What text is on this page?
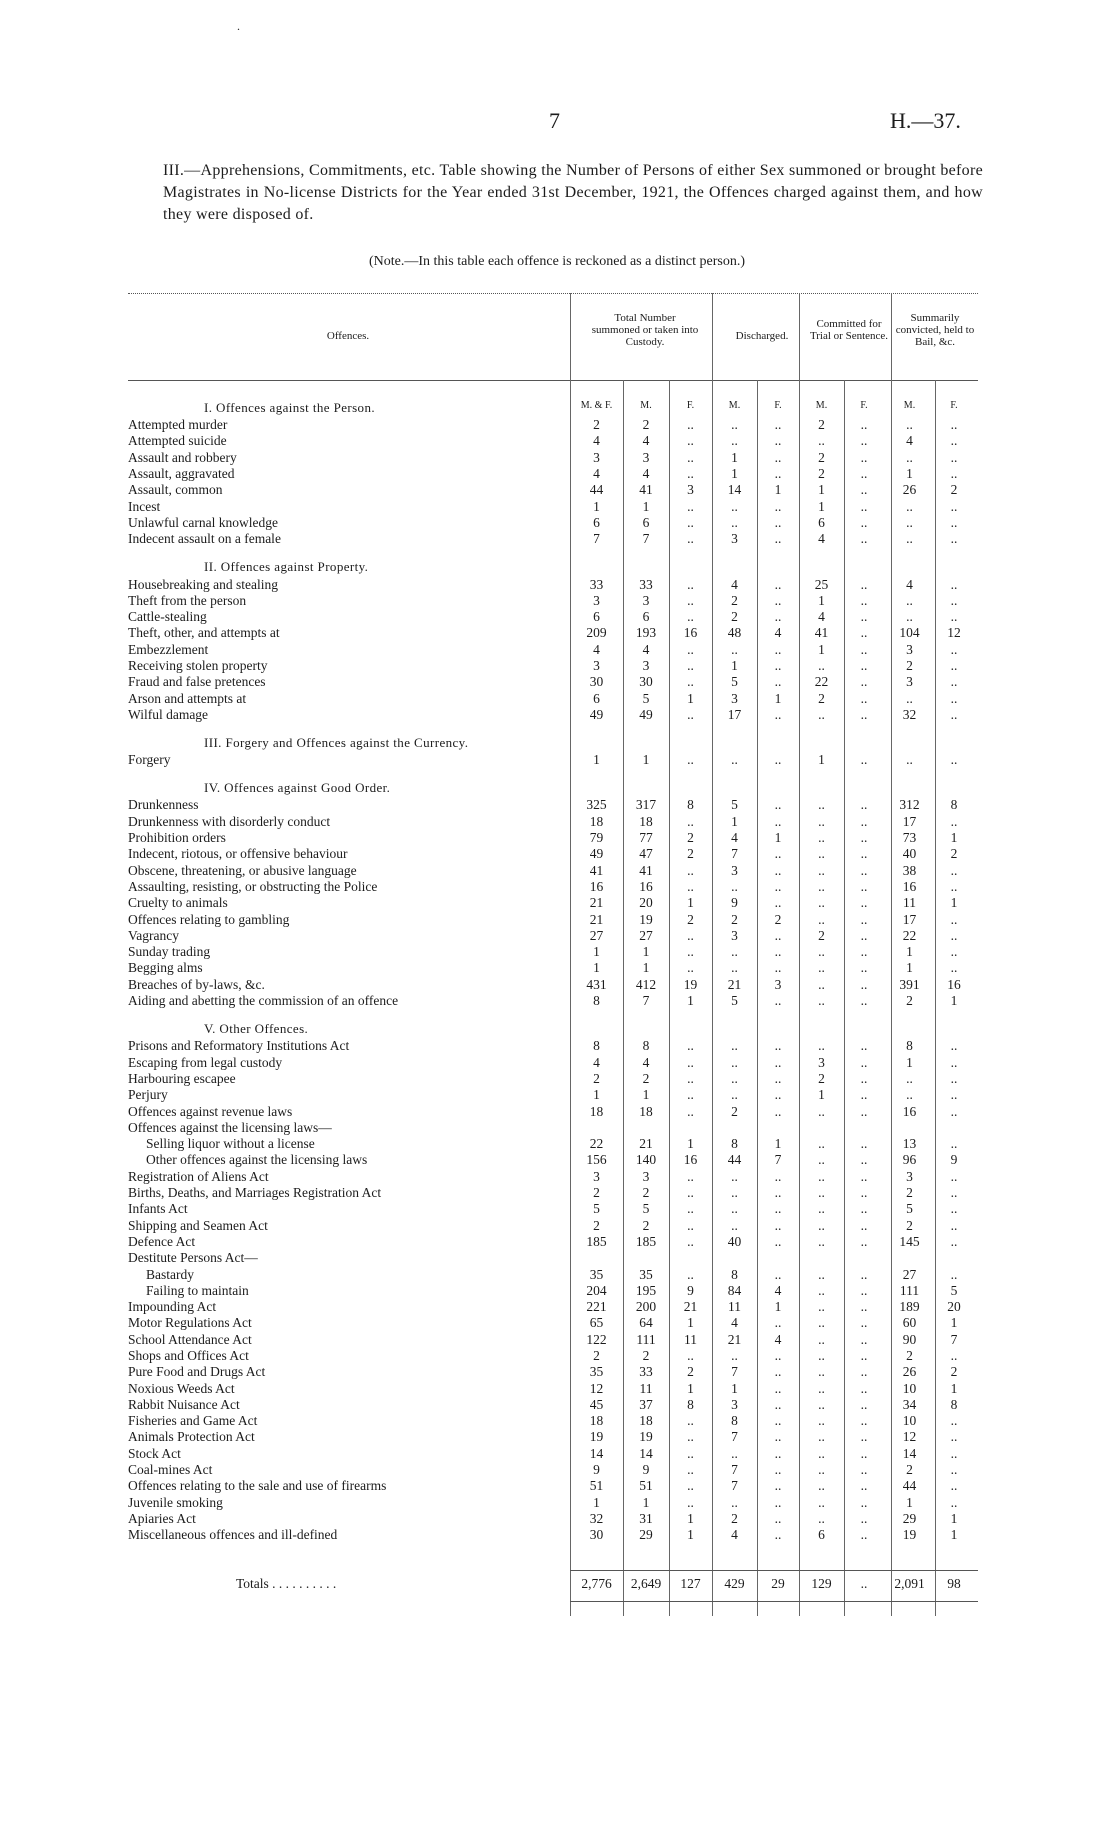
.
7	H.—37.
III.—Apprehensions, Commitments, etc. Table showing the Number of Persons of either Sex summoned or brought before Magistrates in No-license Districts for the Year ended 31st December, 1921, the Offences charged against them, and how they were disposed of.
(Note.—In this table each offence is reckoned as a distinct person.)
Offences.
Total Number summoned or taken into Custody.	Discharged.
Committed for Trial or Sentence.
Summarily convicted, held to Bail, &c.
M. & F.	M.	F.	M.	F.	M.	F.	M.	F.
I. Offences against the Person.									
Attempted murder	2	2	..	..	..	2	..	..	..
Attempted suicide	4	4	..	..	..	..	..	4	..
Assault and robbery	3	3	..	1	..	2	..	..	..
Assault, aggravated	4	4	..	1	..	2	..	1	..
Assault, common	44	41	3	14	1	1	..	26	2
Incest	1	1	..	..	..	1	..	..	..
Unlawful carnal knowledge	6	6	..	..	..	6	..	..	..
Indecent assault on a female	7	7	..	3	..	4	..	..	..

II. Offences against Property.									
Housebreaking and stealing	33	33	..	4	..	25	..	4	..
Theft from the person	3	3	..	2	..	1	..	..	..
Cattle-stealing	6	6	..	2	..	4	..	..	..
Theft, other, and attempts at	209	193	16	48	4	41	..	104	12
Embezzlement	4	4	..	..	..	1	..	3	..
Receiving stolen property	3	3	..	1	..	..	..	2	..
Fraud and false pretences	30	30	..	5	..	22	..	3	..
Arson and attempts at	6	5	1	3	1	2	..	..	..
Wilful damage	49	49	..	17	..	..	..	32	..

III. Forgery and Offences against the Currency.									
Forgery	1	1	..	..	..	1	..	..	..

IV. Offences against Good Order.									
Drunkenness	325	317	8	5	..	..	..	312	8
Drunkenness with disorderly conduct	18	18	..	1	..	..	..	17	..
Prohibition orders	79	77	2	4	1	..	..	73	1
Indecent, riotous, or offensive behaviour	49	47	2	7	..	..	..	40	2
Obscene, threatening, or abusive language	41	41	..	3	..	..	..	38	..
Assaulting, resisting, or obstructing the Police	16	16	..	..	..	..	..	16	..
Cruelty to animals	21	20	1	9	..	..	..	11	1
Offences relating to gambling	21	19	2	2	2	..	..	17	..
Vagrancy	27	27	..	3	..	2	..	22	..
Sunday trading	1	1	..	..	..	..	..	1	..
Begging alms	1	1	..	..	..	..	..	1	..
Breaches of by-laws, &c.	431	412	19	21	3	..	..	391	16
Aiding and abetting the commission of an offence	8	7	1	5	..	..	..	2	1

V. Other Offences.									
Prisons and Reformatory Institutions Act	8	8	..	..	..	..	..	8	..
Escaping from legal custody	4	4	..	..	..	3	..	1	..
Harbouring escapee	2	2	..	..	..	2	..	..	..
Perjury	1	1	..	..	..	1	..	..	..
Offences against revenue laws	18	18	..	2	..	..	..	16	..
Offences against the licensing laws—									
Selling liquor without a license	22	21	1	8	1	..	..	13	..
Other offences against the licensing laws	156	140	16	44	7	..	..	96	9
Registration of Aliens Act	3	3	..	..	..	..	..	3	..
Births, Deaths, and Marriages Registration Act	2	2	..	..	..	..	..	2	..
Infants Act	5	5	..	..	..	..	..	5	..
Shipping and Seamen Act	2	2	..	..	..	..	..	2	..
Defence Act	185	185	..	40	..	..	..	145	..
Destitute Persons Act—									
Bastardy	35	35	..	8	..	..	..	27	..
Failing to maintain	204	195	9	84	4	..	..	111	5
Impounding Act	221	200	21	11	1	..	..	189	20
Motor Regulations Act	65	64	1	4	..	..	..	60	1
School Attendance Act	122	111	11	21	4	..	..	90	7
Shops and Offices Act	2	2	..	..	..	..	..	2	..
Pure Food and Drugs Act	35	33	2	7	..	..	..	26	2
Noxious Weeds Act	12	11	1	1	..	..	..	10	1
Rabbit Nuisance Act	45	37	8	3	..	..	..	34	8
Fisheries and Game Act	18	18	..	8	..	..	..	10	..
Animals Protection Act	19	19	..	7	..	..	..	12	..
Stock Act	14	14	..	..	..	..	..	14	..
Coal-mines Act	9	9	..	7	..	..	..	2	..
Offences relating to the sale and use of firearms	51	51	..	7	..	..	..	44	..
Juvenile smoking	1	1	..	..	..	..	..	1	..
Apiaries Act	32	31	1	2	..	..	..	29	1
Miscellaneous offences and ill-defined	30	29	1	4	..	6	..	19	1
Totals . . . . . . . . . .	2,776	2,649	127	429	29	129	..	2,091	98
